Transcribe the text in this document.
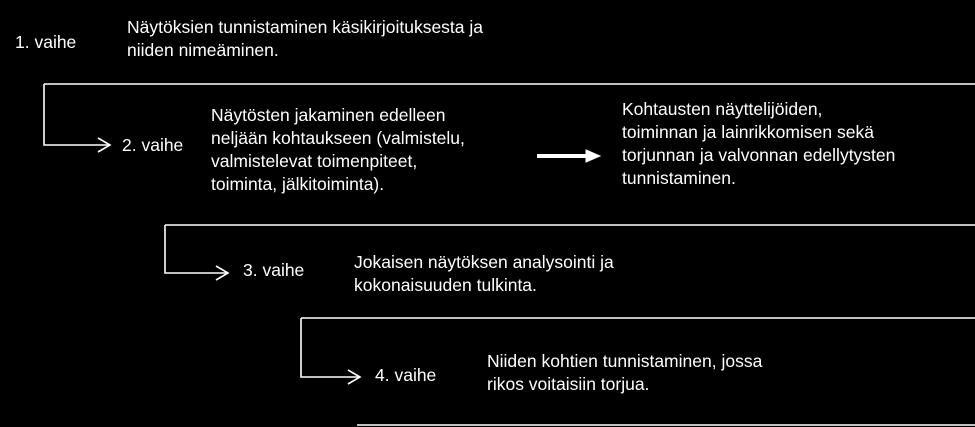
1. vaihe

Näytöksien tunnistaminen käsikirjoituksesta ja
niiden nimeäminen.

2. vaihe

Näytösten jakaminen edelleen
neljään kohtaukseen (valmistelu,
valmistelevat toimenpiteet,
toiminta, jälkitoiminta).

Kohtausten näyttelijöiden,
toiminnan ja lainrikkomisen sekä
torjunnan ja valvonnan edellytysten
tunnistaminen.

3. vaihe	Jokaisen näytöksen analysointi ja
kokonaisuuden tulkinta.

4. vaihe

Niiden kohtien tunnistaminen, jossa
rikos voitaisiin torjua.
